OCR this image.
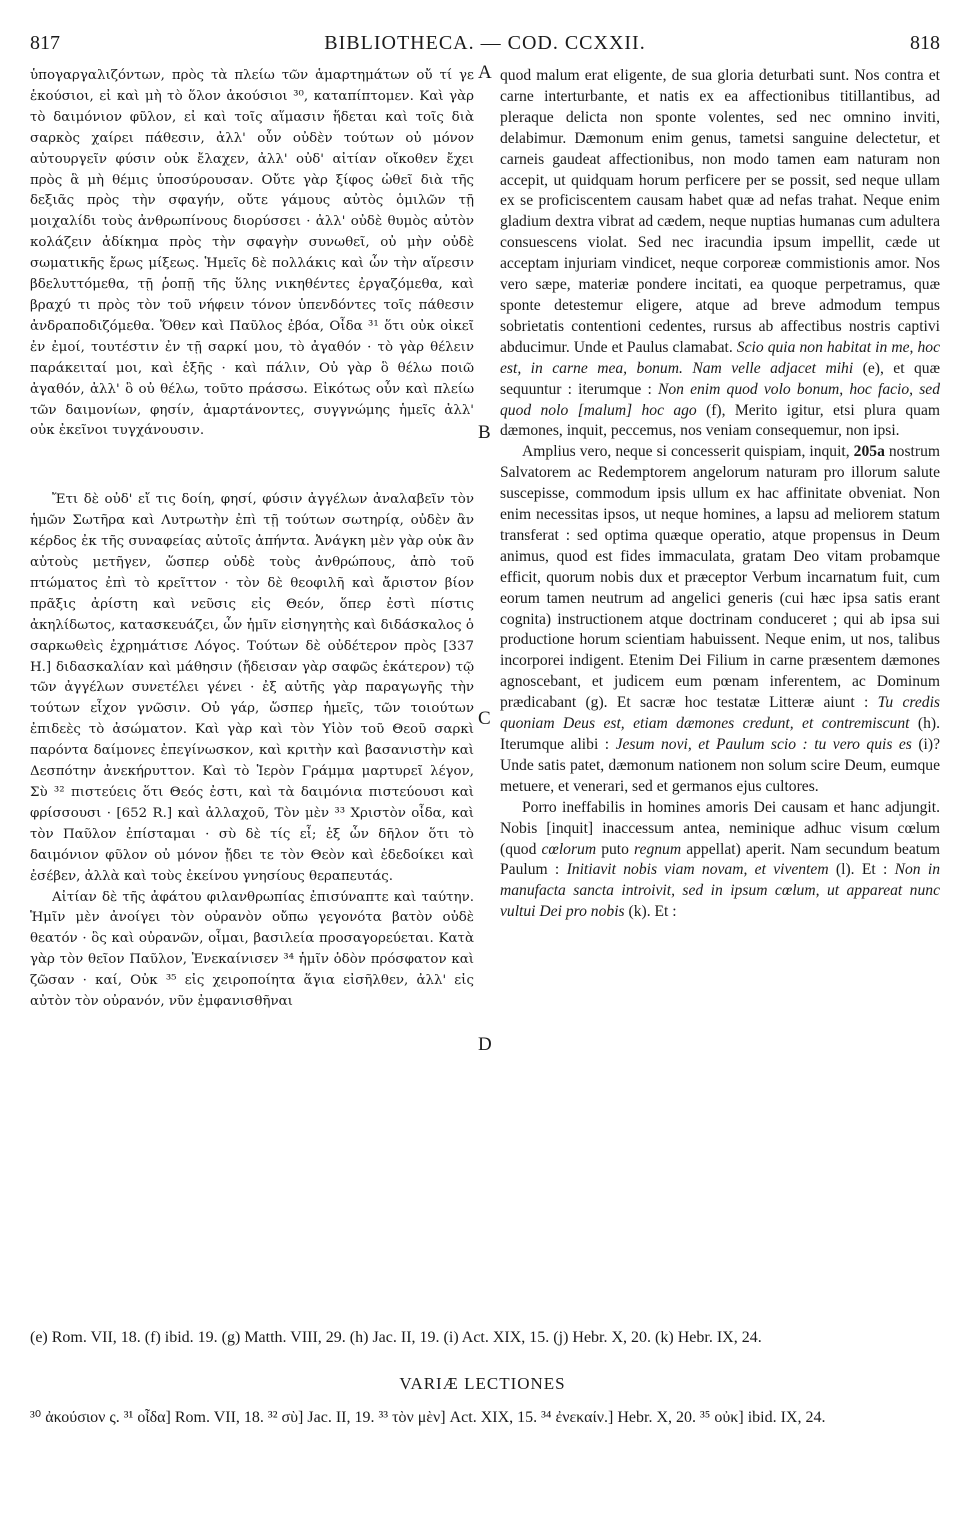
817	BIBLIOTHECA. — COD. CCXXII.	818

ὑπογαργαλιζόντων, πρὸς τὰ πλείω τῶν ἁμαρτημάτων οὔ τί γε ἑκούσιοι, εἰ καὶ μὴ τὸ ὅλον ἀκούσιοι ³⁰, καταπίπτομεν. Καὶ γὰρ τὸ δαιμόνιον φῦλον, εἰ καὶ τοῖς αἵμασιν ἥδεται καὶ τοῖς διὰ σαρκὸς χαίρει πάθεσιν, ἀλλ' οὖν οὐδὲν τούτων οὐ μόνον αὐτουργεῖν φύσιν οὐκ ἔλαχεν, ἀλλ' οὐδ' αἰτίαν οἴκοθεν ἔχει πρὸς ἃ μὴ θέμις ὑποσύρουσαν. Οὔτε γὰρ ξίφος ὠθεῖ διὰ τῆς δεξιᾶς πρὸς τὴν σφαγήν, οὔτε γάμους αὐτὸς ὁμιλῶν τῇ μοιχαλίδι τοὺς ἀνθρωπίνους διορύσσει · ἀλλ' οὐδὲ θυμὸς αὐτὸν κολάζειν ἀδίκημα πρὸς τὴν σφαγὴν συνωθεῖ, οὐ μὴν οὐδὲ σωματικῆς ἔρως μίξεως. Ἡμεῖς δὲ πολλάκις καὶ ὧν τὴν αἵρεσιν βδελυττόμεθα, τῇ ῥοπῇ τῆς ὕλης νικηθέντες ἐργαζόμεθα, καὶ βραχύ τι πρὸς τὸν τοῦ νήφειν τόνον ὑπενδόντες τοῖς πάθεσιν ἀνδραποδιζόμεθα. Ὅθεν καὶ Παῦλος ἐβόα, Οἶδα ³¹ ὅτι οὐκ οἰκεῖ ἐν ἐμοί, τουτέστιν ἐν τῇ σαρκί μου, τὸ ἀγαθόν · τὸ γὰρ θέλειν παράκειταί μοι, καὶ ἑξῆς · καὶ πάλιν, Οὐ γὰρ ὃ θέλω ποιῶ ἀγαθόν, ἀλλ' ὃ οὐ θέλω, τοῦτο πράσσω. Εἰκότως οὖν καὶ πλείω τῶν δαιμονίων, φησίν, ἁμαρτάνοντες, συγγνώμης ἡμεῖς ἀλλ' οὐκ ἐκεῖνοι τυγχάνουσιν.

Ἔτι δὲ οὐδ' εἴ τις δοίη, φησί, φύσιν ἀγγέλων ἀναλαβεῖν τὸν ἡμῶν Σωτῆρα καὶ Λυτρωτὴν ἐπὶ τῇ τούτων σωτηρίᾳ, οὐδὲν ἂν κέρδος ἐκ τῆς συναφείας αὐτοῖς ἀπήντα. Ἀνάγκη μὲν γὰρ οὐκ ἂν αὐτοὺς μετῆγεν, ὥσπερ οὐδὲ τοὺς ἀνθρώπους, ἀπὸ τοῦ πτώματος ἐπὶ τὸ κρεῖττον · τὸν δὲ θεοφιλῆ καὶ ἄριστον βίον πρᾶξις ἀρίστη καὶ νεῦσις εἰς Θεόν, ὅπερ ἐστὶ πίστις ἀκηλίδωτος, κατασκευάζει, ὧν ἡμῖν εἰσηγητὴς καὶ διδάσκαλος ὁ σαρκωθεὶς ἐχρημάτισε Λόγος. Τούτων δὲ οὐδέτερον πρὸς [337 H.] διδασκαλίαν καὶ μάθησιν (ἤδεισαν γὰρ σαφῶς ἑκάτερον) τῷ τῶν ἀγγέλων συνετέλει γένει · ἐξ αὐτῆς γὰρ παραγωγῆς τὴν τούτων εἶχον γνῶσιν. Οὐ γάρ, ὥσπερ ἡμεῖς, τῶν τοιούτων ἐπιδεὲς τὸ ἀσώματον. Καὶ γὰρ καὶ τὸν Υἱὸν τοῦ Θεοῦ σαρκὶ παρόντα δαίμονες ἐπεγίνωσκον, καὶ κριτὴν καὶ βασανιστὴν καὶ Δεσπότην ἀνεκήρυττον. Καὶ τὸ Ἱερὸν Γράμμα μαρτυρεῖ λέγον, Σὺ ³² πιστεύεις ὅτι Θεός ἐστι, καὶ τὰ δαιμόνια πιστεύουσι καὶ φρίσσουσι · [652 R.] καὶ ἀλλαχοῦ, Τὸν μὲν ³³ Χριστὸν οἶδα, καὶ τὸν Παῦλον ἐπίσταμαι · σὺ δὲ τίς εἶ; ἐξ ὧν δῆλον ὅτι τὸ δαιμόνιον φῦλον οὐ μόνον ᾔδει τε τὸν Θεὸν καὶ ἐδεδοίκει καὶ ἐσέβεν, ἀλλὰ καὶ τοὺς ἐκείνου γνησίους θεραπευτάς.

Αἰτίαν δὲ τῆς ἀφάτου φιλανθρωπίας ἐπισύναπτε καὶ ταύτην. Ἡμῖν μὲν ἀνοίγει τὸν οὐρανὸν οὔπω γεγονότα βατὸν οὐδὲ θεατόν · ὃς καὶ οὐρανῶν, οἶμαι, βασιλεία προσαγορεύεται. Κατὰ γὰρ τὸν θεῖον Παῦλον, Ἐνεκαίνισεν ³⁴ ἡμῖν ὁδὸν πρόσφατον καὶ ζῶσαν · καί, Οὐκ ³⁵ εἰς χειροποίητα ἅγια εἰσῆλθεν, ἀλλ' εἰς αὐτὸν τὸν οὐρανόν, νῦν ἐμφανισθῆναι

A
B
C
D

quod malum erat eligente, de sua gloria deturbati sunt. Nos contra et carne interturbante, et natis ex ea affectionibus titillantibus, ad pleraque delicta non sponte volentes, sed nec omnino inviti, delabimur. Dæmonum enim genus, tametsi sanguine delectetur, et carneis gaudeat affectionibus, non modo tamen eam naturam non accepit, ut quidquam horum perficere per se possit, sed neque ullam ex se proficiscentem causam habet quæ ad nefas trahat. Neque enim gladium dextra vibrat ad cædem, neque nuptias humanas cum adultera consuescens violat. Sed nec iracundia ipsum impellit, cæde ut acceptam injuriam vindicet, neque corporeæ commistionis amor. Nos vero sæpe, materiæ pondere incitati, ea quoque perpetramus, quæ sponte detestemur eligere, atque ad breve admodum tempus sobrietatis contentioni cedentes, rursus ab affectibus nostris captivi abducimur. Unde et Paulus clamabat. Scio quia non habitat in me, hoc est, in carne mea, bonum. Nam velle adjacet mihi (e), et quæ sequuntur : iterumque : Non enim quod volo bonum, hoc facio, sed quod nolo [malum] hoc ago (f), Merito igitur, etsi plura quam dæmones, inquit, peccemus, nos veniam consequemur, non ipsi.

Amplius vero, neque si concesserit quispiam, inquit, 205a nostrum Salvatorem ac Redemptorem angelorum naturam pro illorum salute suscepisse, commodum ipsis ullum ex hac affinitate obveniat. Non enim necessitas ipsos, ut neque homines, a lapsu ad meliorem statum transferat : sed optima quæque operatio, atque propensus in Deum animus, quod est fides immaculata, gratam Deo vitam probamque efficit, quorum nobis dux et præceptor Verbum incarnatum fuit, cum eorum tamen neutrum ad angelici generis (cui hæc ipsa satis erant cognita) instructionem atque doctrinam conduceret ; qui ab ipsa sui productione horum scientiam habuissent. Neque enim, ut nos, talibus incorporei indigent. Etenim Dei Filium in carne præsentem dæmones agnoscebant, et judicem eum pœnam inferentem, ac Dominum prædicabant (g). Et sacræ hoc testatæ Litteræ aiunt : Tu credis quoniam Deus est, etiam dæmones credunt, et contremiscunt (h). Iterumque alibi : Jesum novi, et Paulum scio : tu vero quis es (i)? Unde satis patet, dæmonum nationem non solum scire Deum, eumque metuere, et venerari, sed et germanos ejus cultores.

Porro ineffabilis in homines amoris Dei causam et hanc adjungit. Nobis [inquit] inaccessum antea, neminique adhuc visum cœlum (quod cœlorum puto regnum appellat) aperit. Nam secundum beatum Paulum : Initiavit nobis viam novam, et viventem (l). Et : Non in manufacta sancta introivit, sed in ipsum cœlum, ut appareat nunc vultui Dei pro nobis (k). Et :

(e) Rom. VII, 18. (f) ibid. 19. (g) Matth. VIII, 29. (h) Jac. II, 19. (i) Act. XIX, 15. (j) Hebr. X, 20. (k) Hebr. IX, 24.
VARIÆ LECTIONES
³⁰ ἀκούσιον ς. ³¹ οἶδα] Rom. VII, 18. ³² σὺ] Jac. II, 19. ³³ τὸν μὲν] Act. XIX, 15. ³⁴ ἐνεκαίν.] Hebr. X, 20. ³⁵ οὐκ] ibid. IX, 24.
